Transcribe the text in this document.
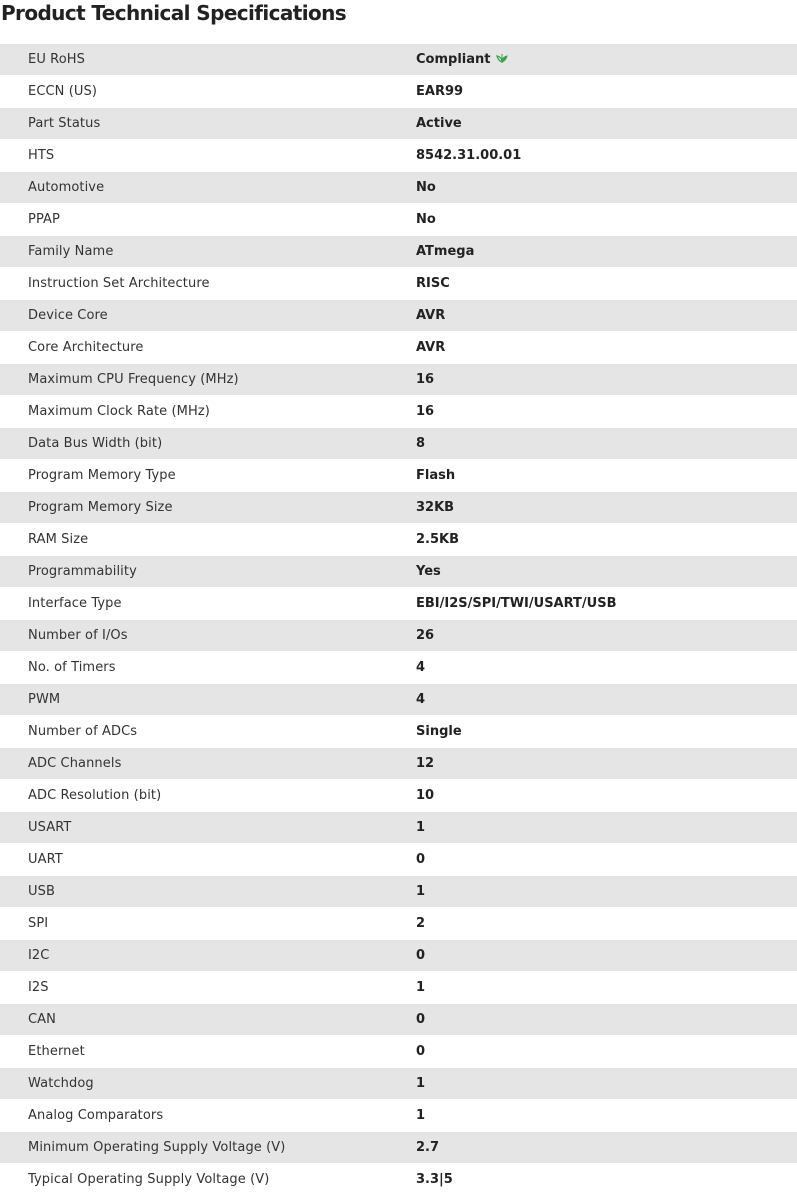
Product Technical Specifications
EU RoHS	Compliant
ECCN (US)	EAR99
Part Status	Active
HTS	8542.31.00.01
Automotive	No
PPAP	No
Family Name	ATmega
Instruction Set Architecture	RISC
Device Core	AVR
Core Architecture	AVR
Maximum CPU Frequency (MHz)	16
Maximum Clock Rate (MHz)	16
Data Bus Width (bit)	8
Program Memory Type	Flash
Program Memory Size	32KB
RAM Size	2.5KB
Programmability	Yes
Interface Type	EBI/I2S/SPI/TWI/USART/USB
Number of I/Os	26
No. of Timers	4
PWM	4
Number of ADCs	Single
ADC Channels	12
ADC Resolution (bit)	10
USART	1
UART	0
USB	1
SPI	2
I2C	0
I2S	1
CAN	0
Ethernet	0
Watchdog	1
Analog Comparators	1
Minimum Operating Supply Voltage (V)	2.7
Typical Operating Supply Voltage (V)	3.3|5
